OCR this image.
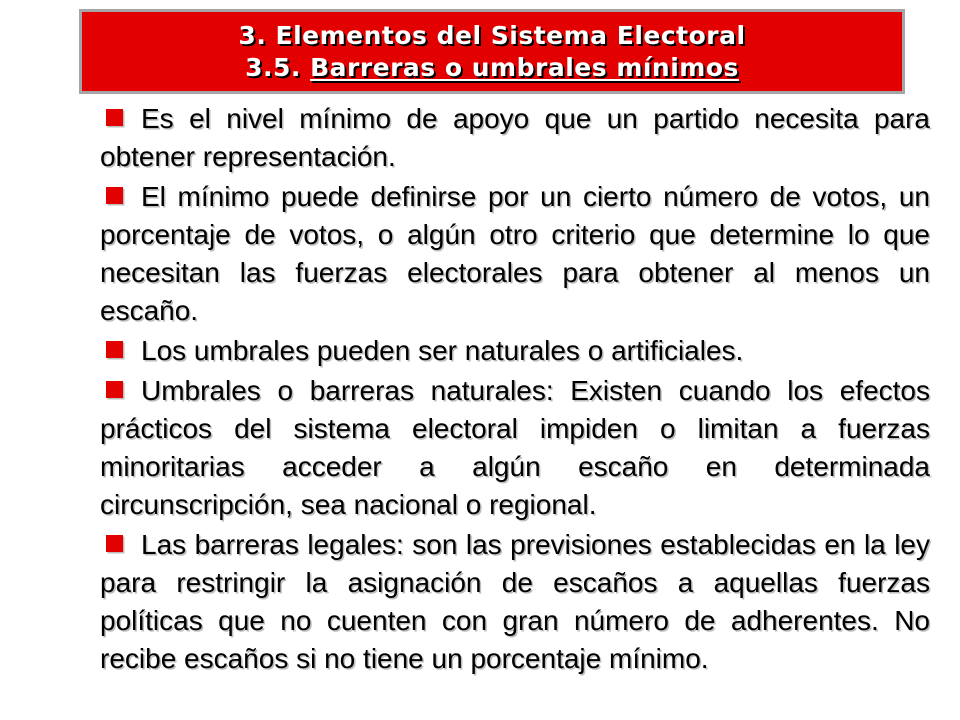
3. Elementos del Sistema Electoral
3.5. Barreras o umbrales mínimos

Es el nivel mínimo de apoyo que un partido necesita para obtener representación.

El mínimo puede definirse por un cierto número de votos, un porcentaje de votos, o algún otro criterio que determine lo que necesitan las fuerzas electorales para obtener al menos un escaño.

Los umbrales pueden ser naturales o artificiales.

Umbrales o barreras naturales: Existen cuando los efectos prácticos del sistema electoral impiden o limitan a fuerzas minoritarias acceder a algún escaño en determinada circunscripción, sea nacional o regional.

Las barreras legales: son las previsiones establecidas en la ley para restringir la asignación de escaños a aquellas fuerzas políticas que no cuenten con gran número de adherentes. No recibe escaños si no tiene un porcentaje mínimo.
